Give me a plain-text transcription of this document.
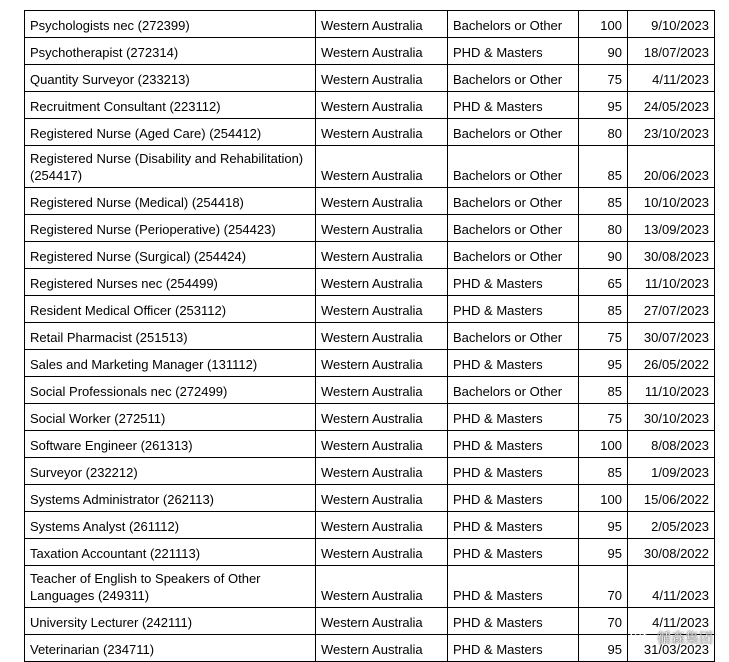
Psychologists nec (272399)	Western Australia	Bachelors or Other	100	9/10/2023
Psychotherapist (272314)	Western Australia	PHD & Masters	90	18/07/2023
Quantity Surveyor (233213)	Western Australia	Bachelors or Other	75	4/11/2023
Recruitment Consultant (223112)	Western Australia	PHD & Masters	95	24/05/2023
Registered Nurse (Aged Care) (254412)	Western Australia	Bachelors or Other	80	23/10/2023
Registered Nurse (Disability and Rehabilitation) (254417)	Western Australia	Bachelors or Other	85	20/06/2023
Registered Nurse (Medical) (254418)	Western Australia	Bachelors or Other	85	10/10/2023
Registered Nurse (Perioperative) (254423)	Western Australia	Bachelors or Other	80	13/09/2023
Registered Nurse (Surgical) (254424)	Western Australia	Bachelors or Other	90	30/08/2023
Registered Nurses nec (254499)	Western Australia	PHD & Masters	65	11/10/2023
Resident Medical Officer (253112)	Western Australia	PHD & Masters	85	27/07/2023
Retail Pharmacist (251513)	Western Australia	Bachelors or Other	75	30/07/2023
Sales and Marketing Manager (131112)	Western Australia	PHD & Masters	95	26/05/2022
Social Professionals nec (272499)	Western Australia	Bachelors or Other	85	11/10/2023
Social Worker (272511)	Western Australia	PHD & Masters	75	30/10/2023
Software Engineer (261313)	Western Australia	PHD & Masters	100	8/08/2023
Surveyor (232212)	Western Australia	PHD & Masters	85	1/09/2023
Systems Administrator (262113)	Western Australia	PHD & Masters	100	15/06/2022
Systems Analyst (261112)	Western Australia	PHD & Masters	95	2/05/2023
Taxation Accountant (221113)	Western Australia	PHD & Masters	95	30/08/2022
Teacher of English to Speakers of Other Languages (249311)	Western Australia	PHD & Masters	70	4/11/2023
University Lecturer (242111)	Western Australia	PHD & Masters	70	4/11/2023
Veterinarian (234711)	Western Australia	PHD & Masters	95	31/03/2023
循森集团
